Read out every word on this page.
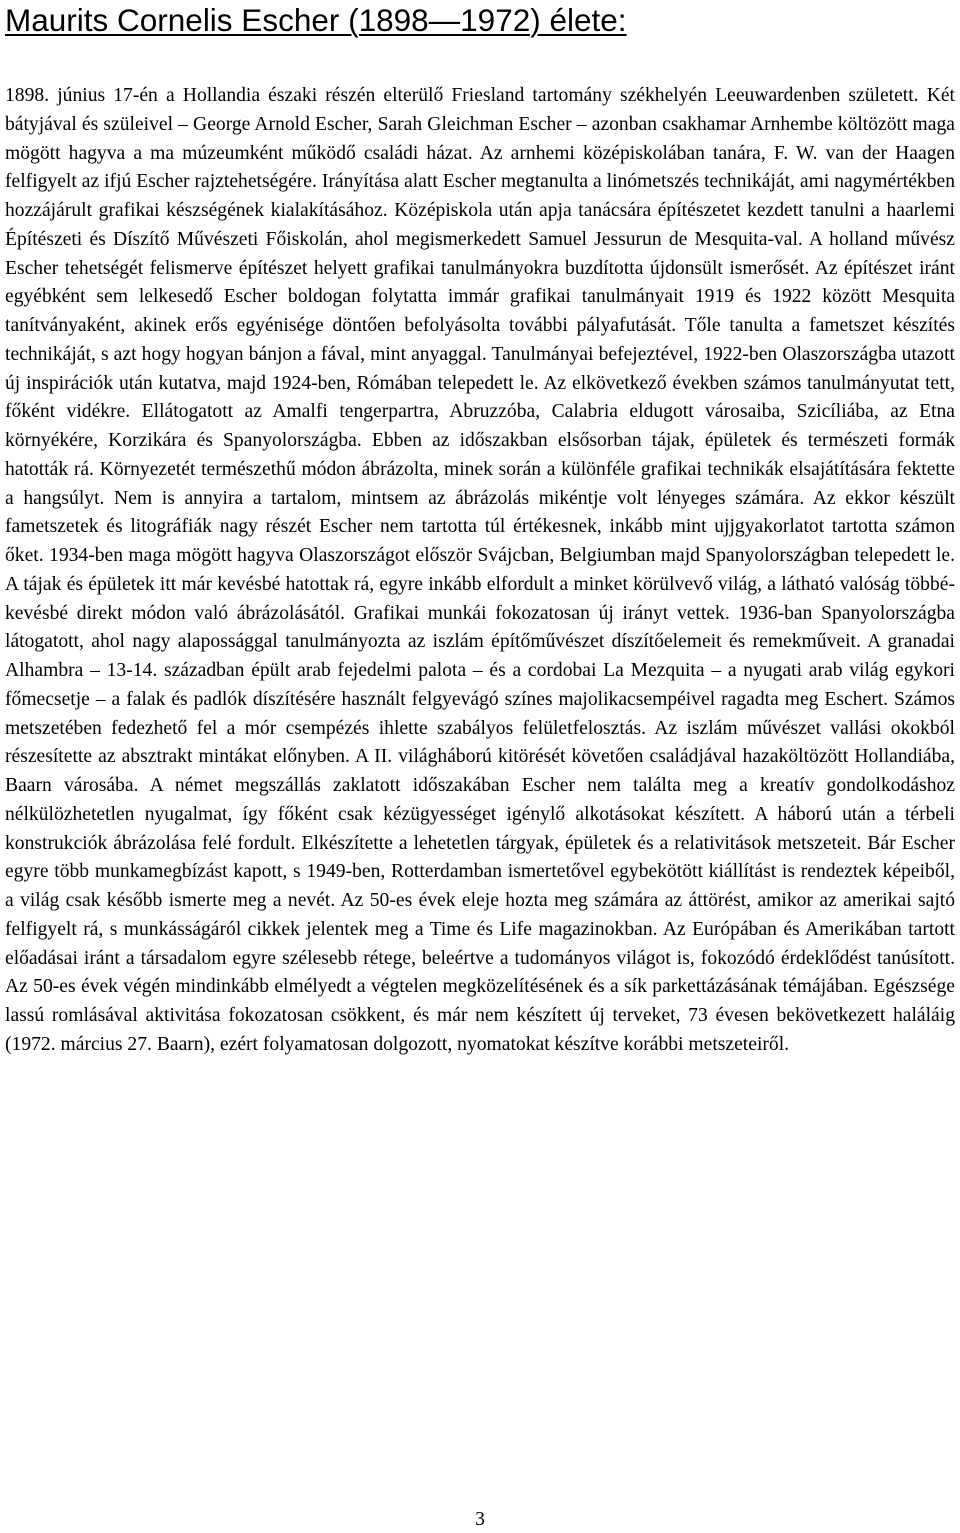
Maurits Cornelis Escher (1898—1972) élete:

1898. június 17-én a Hollandia északi részén elterülő Friesland tartomány székhelyén Leeuwardenben született. Két bátyjával és szüleivel – George Arnold Escher, Sarah Gleichman Escher – azonban csakhamar Arnhembe költözött maga mögött hagyva a ma múzeumként működő családi házat. Az arnhemi középiskolában tanára, F. W. van der Haagen felfigyelt az ifjú Escher rajztehetségére. Irányítása alatt Escher megtanulta a linómetszés technikáját, ami nagymértékben hozzájárult grafikai készségének kialakításához. Középiskola után apja tanácsára építészetet kezdett tanulni a haarlemi Építészeti és Díszítő Művészeti Főiskolán, ahol megismerkedett Samuel Jessurun de Mesquita-val. A holland művész Escher tehetségét felismerve építészet helyett grafikai tanulmányokra buzdította újdonsült ismerősét. Az építészet iránt egyébként sem lelkesedő Escher boldogan folytatta immár grafikai tanulmányait 1919 és 1922 között Mesquita tanítványaként, akinek erős egyénisége döntően befolyásolta további pályafutását. Tőle tanulta a fametszet készítés technikáját, s azt hogy hogyan bánjon a fával, mint anyaggal. Tanulmányai befejeztével, 1922-ben Olaszországba utazott új inspirációk után kutatva, majd 1924-ben, Rómában telepedett le. Az elkövetkező években számos tanulmányutat tett, főként vidékre. Ellátogatott az Amalfi tengerpartra, Abruzzóba, Calabria eldugott városaiba, Szicíliába, az Etna környékére, Korzikára és Spanyolországba. Ebben az időszakban elsősorban tájak, épületek és természeti formák hatották rá. Környezetét természethű módon ábrázolta, minek során a különféle grafikai technikák elsajátítására fektette a hangsúlyt. Nem is annyira a tartalom, mintsem az ábrázolás mikéntje volt lényeges számára. Az ekkor készült fametszetek és litográfiák nagy részét Escher nem tartotta túl értékesnek, inkább mint ujjgyakorlatot tartotta számon őket. 1934-ben maga mögött hagyva Olaszországot először Svájcban, Belgiumban majd Spanyolországban telepedett le. A tájak és épületek itt már kevésbé hatottak rá, egyre inkább elfordult a minket körülvevő világ, a látható valóság többé-kevésbé direkt módon való ábrázolásától. Grafikai munkái fokozatosan új irányt vettek. 1936-ban Spanyolországba látogatott, ahol nagy alapossággal tanulmányozta az iszlám építőművészet díszítőelemeit és remekműveit. A granadai Alhambra – 13-14. században épült arab fejedelmi palota – és a cordobai La Mezquita – a nyugati arab világ egykori főmecsetje – a falak és padlók díszítésére használt felgyevágó színes majolikacsempéivel ragadta meg Eschert. Számos metszetében fedezhető fel a mór csempézés ihlette szabályos felületfelosztás. Az iszlám művészet vallási okokból részesítette az absztrakt mintákat előnyben. A II. világháború kitörését követően családjával hazaköltözött Hollandiába, Baarn városába. A német megszállás zaklatott időszakában Escher nem találta meg a kreatív gondolkodáshoz nélkülözhetetlen nyugalmat, így főként csak kézügyességet igénylő alkotásokat készített. A háború után a térbeli konstrukciók ábrázolása felé fordult. Elkészítette a lehetetlen tárgyak, épületek és a relativitások metszeteit. Bár Escher egyre több munkamegbízást kapott, s 1949-ben, Rotterdamban ismertetővel egybekötött kiállítást is rendeztek képeiből, a világ csak később ismerte meg a nevét. Az 50-es évek eleje hozta meg számára az áttörést, amikor az amerikai sajtó felfigyelt rá, s munkásságáról cikkek jelentek meg a Time és Life magazinokban. Az Európában és Amerikában tartott előadásai iránt a társadalom egyre szélesebb rétege, beleértve a tudományos világot is, fokozódó érdeklődést tanúsított. Az 50-es évek végén mindinkább elmélyedt a végtelen megközelítésének és a sík parkettázásának témájában. Egészsége lassú romlásával aktivitása fokozatosan csökkent, és már nem készített új terveket, 73 évesen bekövetkezett haláláig (1972. március 27. Baarn), ezért folyamatosan dolgozott, nyomatokat készítve korábbi metszeteiről.

3
